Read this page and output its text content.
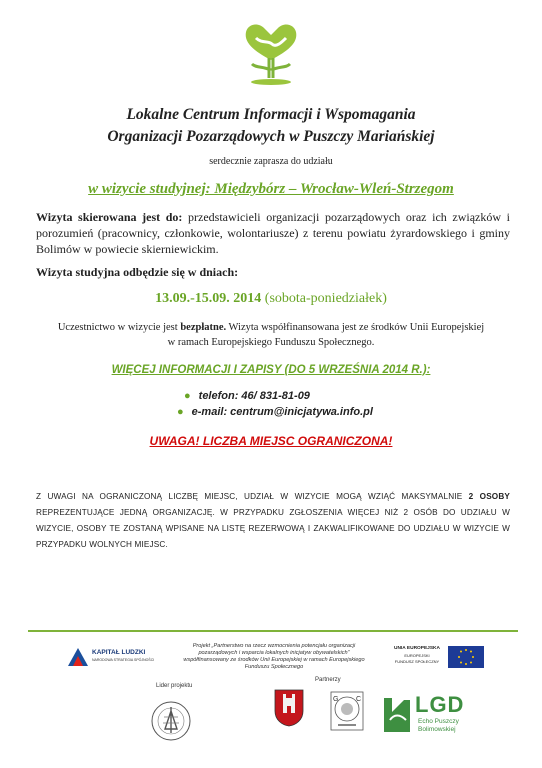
Lokalne Centrum Informacji i Wspomagania
Organizacji Pozarządowych w Puszczy Mariańskiej
serdecznie zaprasza do udziału
w wizycie studyjnej: Międzybórz – Wrocław-Wleń-Strzegom
Wizyta skierowana jest do: przedstawicieli organizacji pozarządowych oraz ich związków i porozumień (pracownicy, członkowie, wolontariusze) z terenu powiatu żyrardowskiego i gminy Bolimów w powiecie skierniewickim.
Wizyta studyjna odbędzie się w dniach:
13.09.-15.09. 2014 (sobota-poniedziałek)
Uczestnictwo w wizycie jest bezpłatne. Wizyta współfinansowana jest ze środków Unii Europejskiej
w ramach Europejskiego Funduszu Społecznego.
WIĘCEJ INFORMACJI I ZAPISY (DO 5 WRZEŚNIA 2014 R.):
● telefon: 46/ 831-81-09
● e-mail: centrum@inicjatywa.info.pl
UWAGA! LICZBA MIEJSC OGRANICZONA!
Z UWAGI NA OGRANICZONĄ LICZBĘ MIEJSC, UDZIAŁ W WIZYCIE MOGĄ WZIĄĆ MAKSYMALNIE 2 OSOBY REPREZENTUJĄCE JEDNĄ ORGANIZACJĘ. W PRZYPADKU ZGŁOSZENIA WIĘCEJ NIŻ 2 OSÓB DO UDZIAŁU W WIZYCIE, OSOBY TE ZOSTANĄ WPISANE NA LISTĘ REZERWOWĄ I ZAKWALIFIKOWANE DO UDZIAŁU W WIZYCIE W PRZYPADKU WOLNYCH MIEJSC.
KAPITAŁ LUDZKI
NARODOWA STRATEGIA SPÓJNOŚCI
Projekt „Partnerstwo na rzecz wzmocnienia potencjału organizacji pozarządowych i wsparcia lokalnych inicjatyw obywatelskich” współfinansowany ze środków Unii Europejskiej w ramach Europejskiego Funduszu Społecznego
UNIA EUROPEJSKA
EUROPEJSKI
FUNDUSZ SPOŁECZNY
Lider projektu
Partnerzy
G	C LGD
Echo Puszczy
Bolimowskiej
